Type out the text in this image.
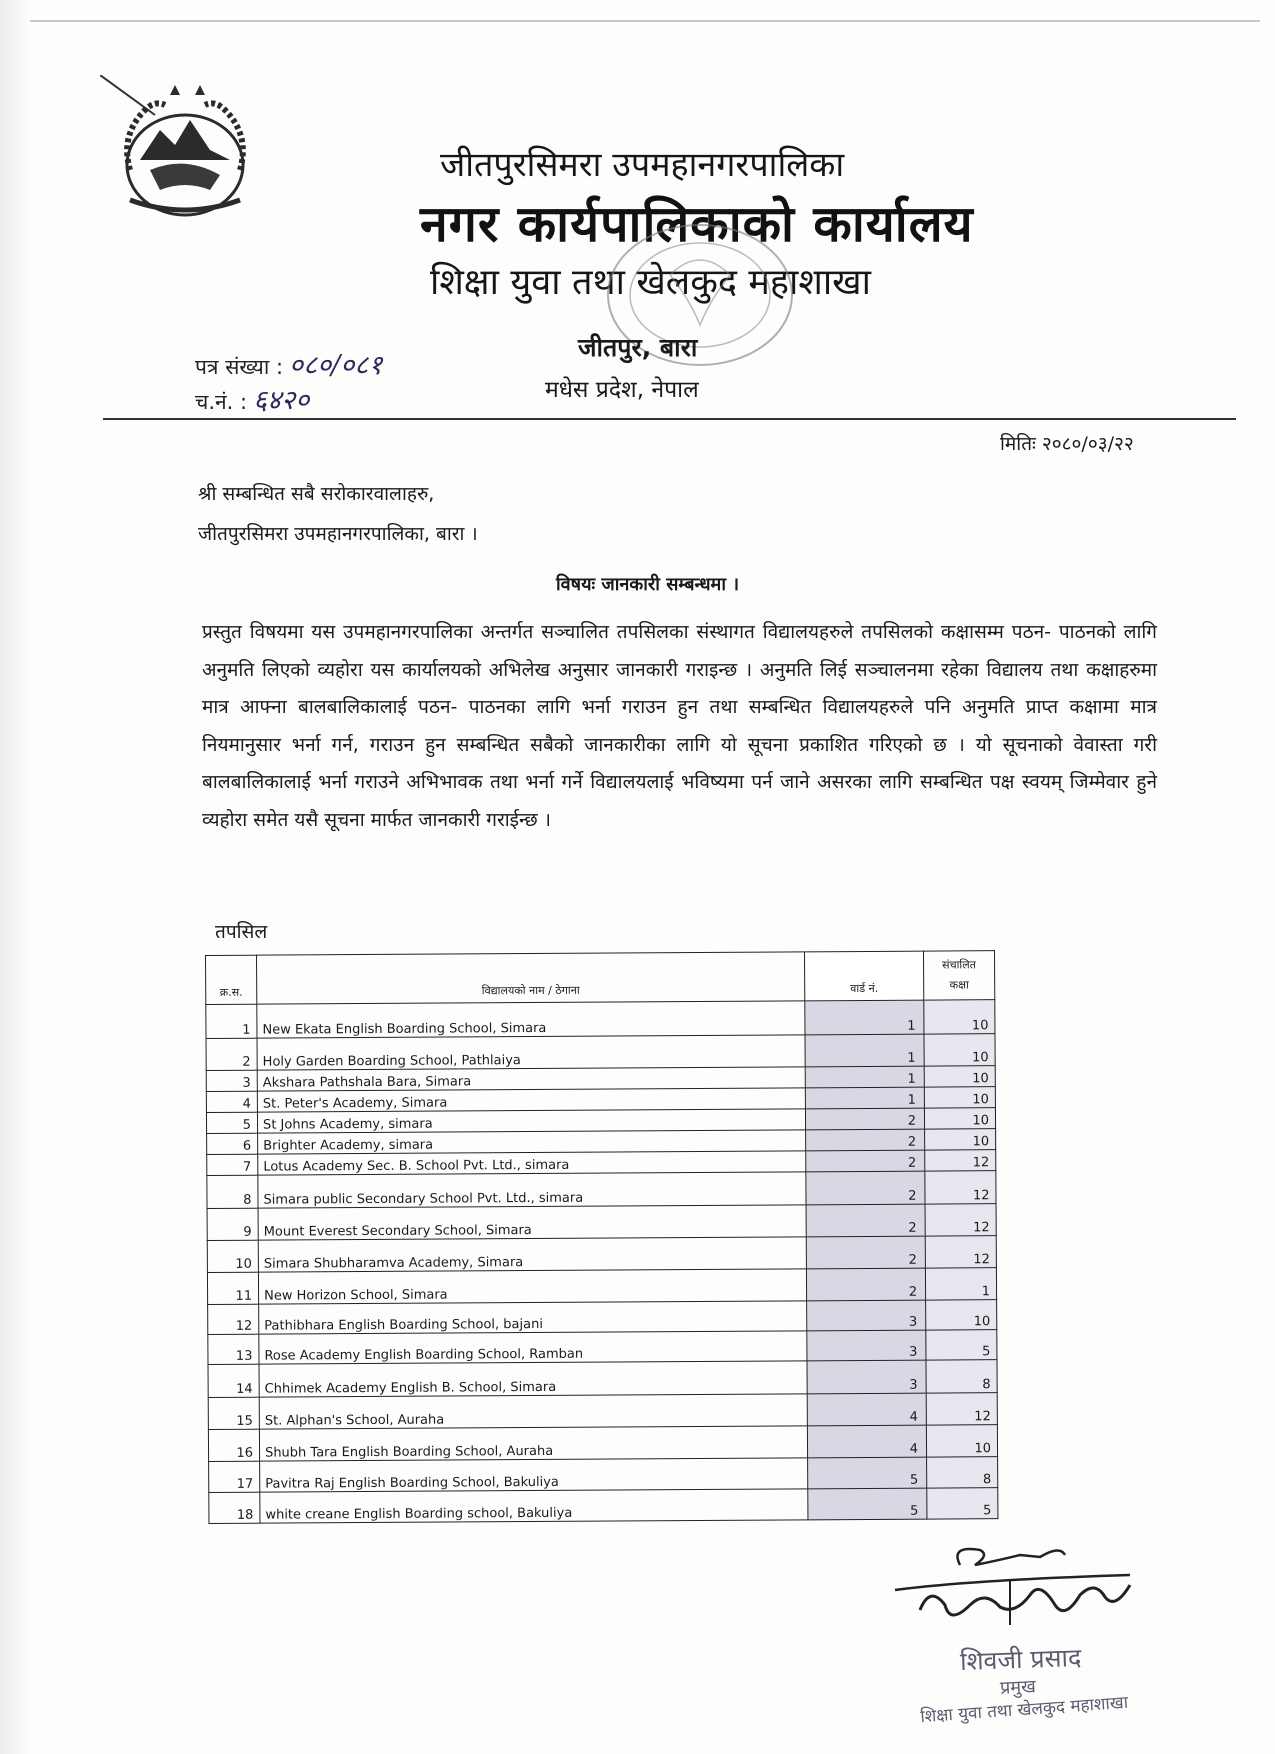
जीतपुरसिमरा उपमहानगरपालिका
नगर कार्यपालिकाको कार्यालय
शिक्षा युवा तथा खेलकुद महाशाखा
जीतपुर, बारा
मधेस प्रदेश, नेपाल
पत्र संख्या : ०८०/०८१
च.नं. : ६४२०
मितिः २०८०/०३/२२
श्री सम्बन्धित सबै सरोकारवालाहरु,
जीतपुरसिमरा उपमहानगरपालिका, बारा ।
विषयः जानकारी सम्बन्धमा ।
प्रस्तुत विषयमा यस उपमहानगरपालिका अन्तर्गत सञ्चालित तपसिलका संस्थागत विद्यालयहरुले तपसिलको कक्षासम्म पठन- पाठनको लागि अनुमति लिएको व्यहोरा यस कार्यालयको अभिलेख अनुसार जानकारी गराइन्छ । अनुमति लिई सञ्चालनमा रहेका विद्यालय तथा कक्षाहरुमा मात्र आफ्ना बालबालिकालाई पठन- पाठनका लागि भर्ना गराउन हुन तथा सम्बन्धित विद्यालयहरुले पनि अनुमति प्राप्त कक्षामा मात्र नियमानुसार भर्ना गर्न, गराउन हुन सम्बन्धित सबैको जानकारीका लागि यो सूचना प्रकाशित गरिएको छ । यो सूचनाको वेवास्ता गरी बालबालिकालाई भर्ना गराउने अभिभावक तथा भर्ना गर्ने विद्यालयलाई भविष्यमा पर्न जाने असरका लागि सम्बन्धित पक्ष स्वयम् जिम्मेवार हुने व्यहोरा समेत यसै सूचना मार्फत जानकारी गराईन्छ ।
तपसिल
क्र.स.	विद्यालयको नाम / ठेगाना	वार्ड नं.	संचालित
कक्षा

1	New Ekata English Boarding School, Simara	1	10
2	Holy Garden Boarding School, Pathlaiya	1	10
3	Akshara Pathshala Bara, Simara	1	10
4	St. Peter's Academy, Simara	1	10
5	St Johns Academy, simara	2	10
6	Brighter Academy, simara	2	10
7	Lotus Academy Sec. B. School Pvt. Ltd., simara	2	12
8	Simara public Secondary School Pvt. Ltd., simara	2	12
9	Mount Everest Secondary School, Simara	2	12
10	Simara Shubharamva Academy, Simara	2	12
11	New Horizon School, Simara	2	1
12	Pathibhara English Boarding School, bajani	3	10
13	Rose Academy English Boarding School, Ramban	3	5
14	Chhimek Academy English B. School, Simara	3	8
15	St. Alphan's School, Auraha	4	12
16	Shubh Tara English Boarding School, Auraha	4	10
17	Pavitra Raj English Boarding School, Bakuliya	5	8
18	white creane English Boarding school, Bakuliya	5	5
शिवजी प्रसाद
प्रमुख
शिक्षा युवा तथा खेलकुद महाशाखा
